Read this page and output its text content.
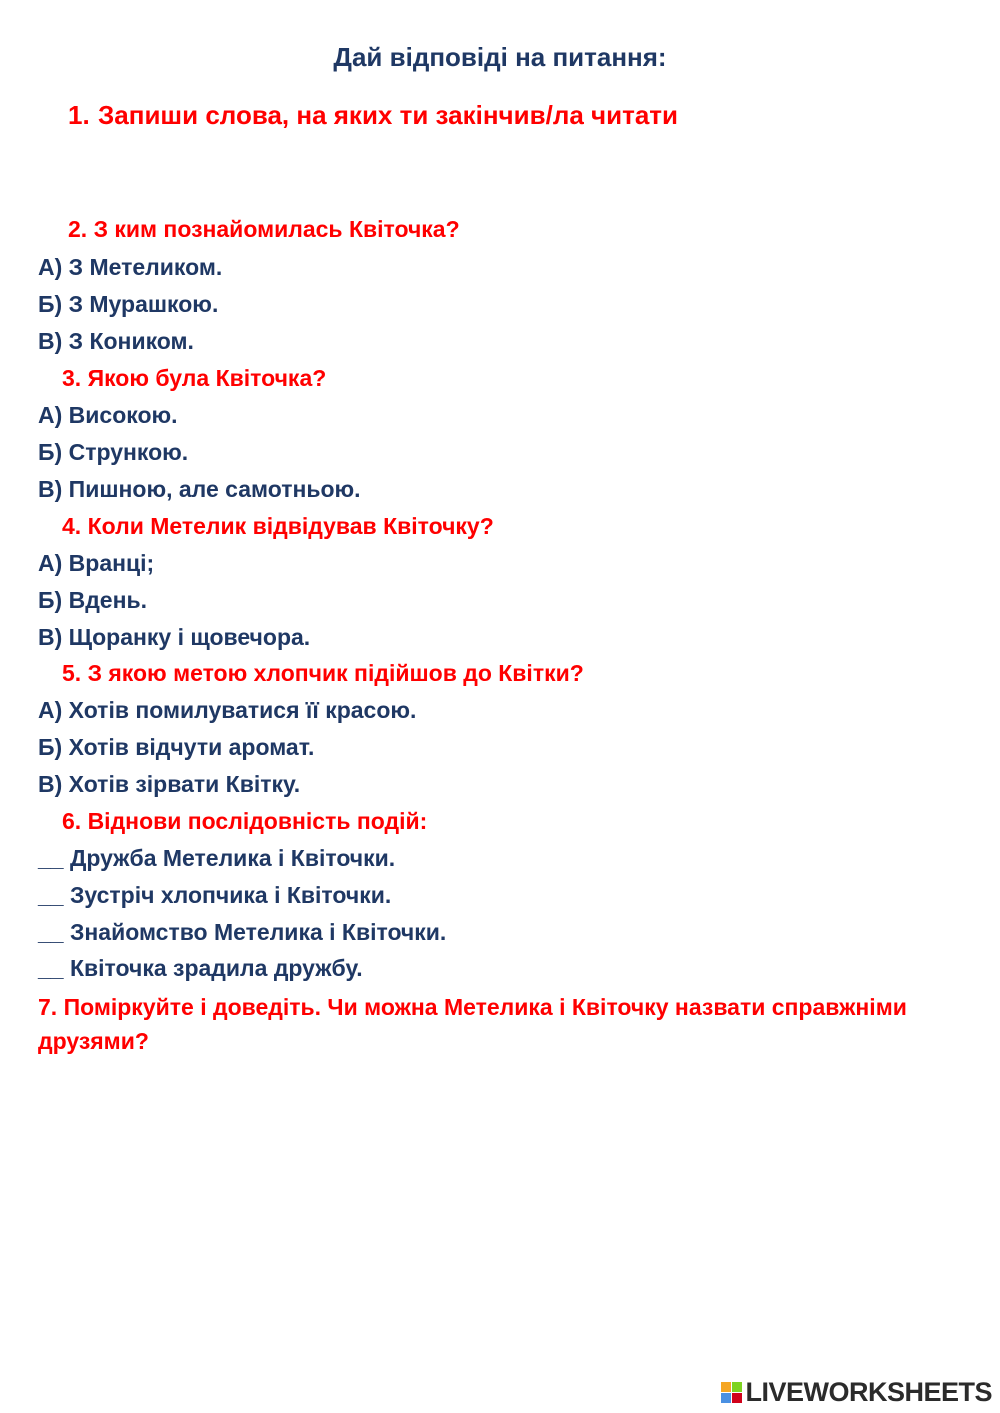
Дай відповіді на питання:
1. Запиши слова, на яких ти закінчив/ла читати
2. З ким познайомилась Квіточка?
А) З Метеликом.
Б) З Мурашкою.
В) З Коником.
3. Якою була Квіточка?
А) Високою.
Б) Стрункою.
В) Пишною, але самотньою.
4. Коли Метелик відвідував Квіточку?
А) Вранці;
Б) Вдень.
В) Щоранку і щовечора.
5. З якою метою хлопчик підійшов до Квітки?
А) Хотів помилуватися її красою.
Б) Хотів відчути аромат.
В) Хотів зірвати Квітку.
6. Віднови послідовність подій:
__ Дружба Метелика і Квіточки.
__ Зустріч хлопчика і Квіточки.
__ Знайомство Метелика і Квіточки.
__ Квіточка зрадила дружбу.
7. Поміркуйте і доведіть. Чи можна Метелика і Квіточку назвати справжніми друзями?
LIVEWORKSHEETS
